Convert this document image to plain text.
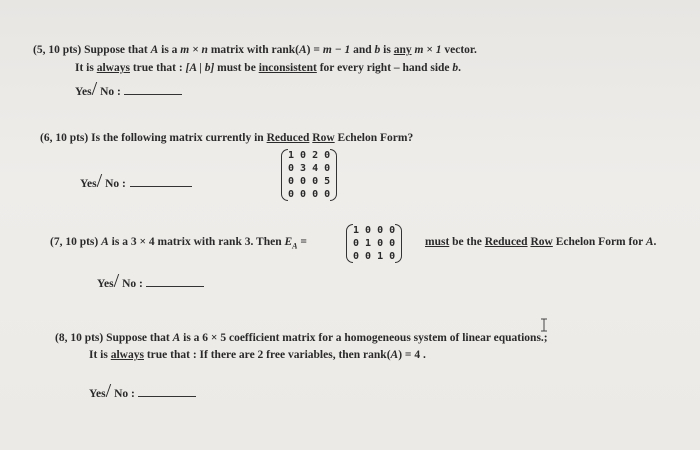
(5, 10 pts) Suppose that A is a m × n matrix with rank(A) = m − 1 and b is any m × 1 vector.
It is always true that : [A | b] must be inconsistent for every right – hand side b.
Yes/ No :
(6, 10 pts) Is the following matrix currently in Reduced Row Echelon Form?
Yes/ No :
1	0	2	0
0	3	4	0
0	0	0	5
0	0	0	0
(7, 10 pts) A is a 3 × 4 matrix with rank 3. Then $E_A$ =
1	0	0	0
0	1	0	0
0	0	1	0
must be the Reduced Row Echelon Form for A.
Yes/ No :
(8, 10 pts) Suppose that A is a 6 × 5 coefficient matrix for a homogeneous system of linear equations.;
It is always true that : If there are 2 free variables, then rank(A) = 4 .
Yes/ No :
